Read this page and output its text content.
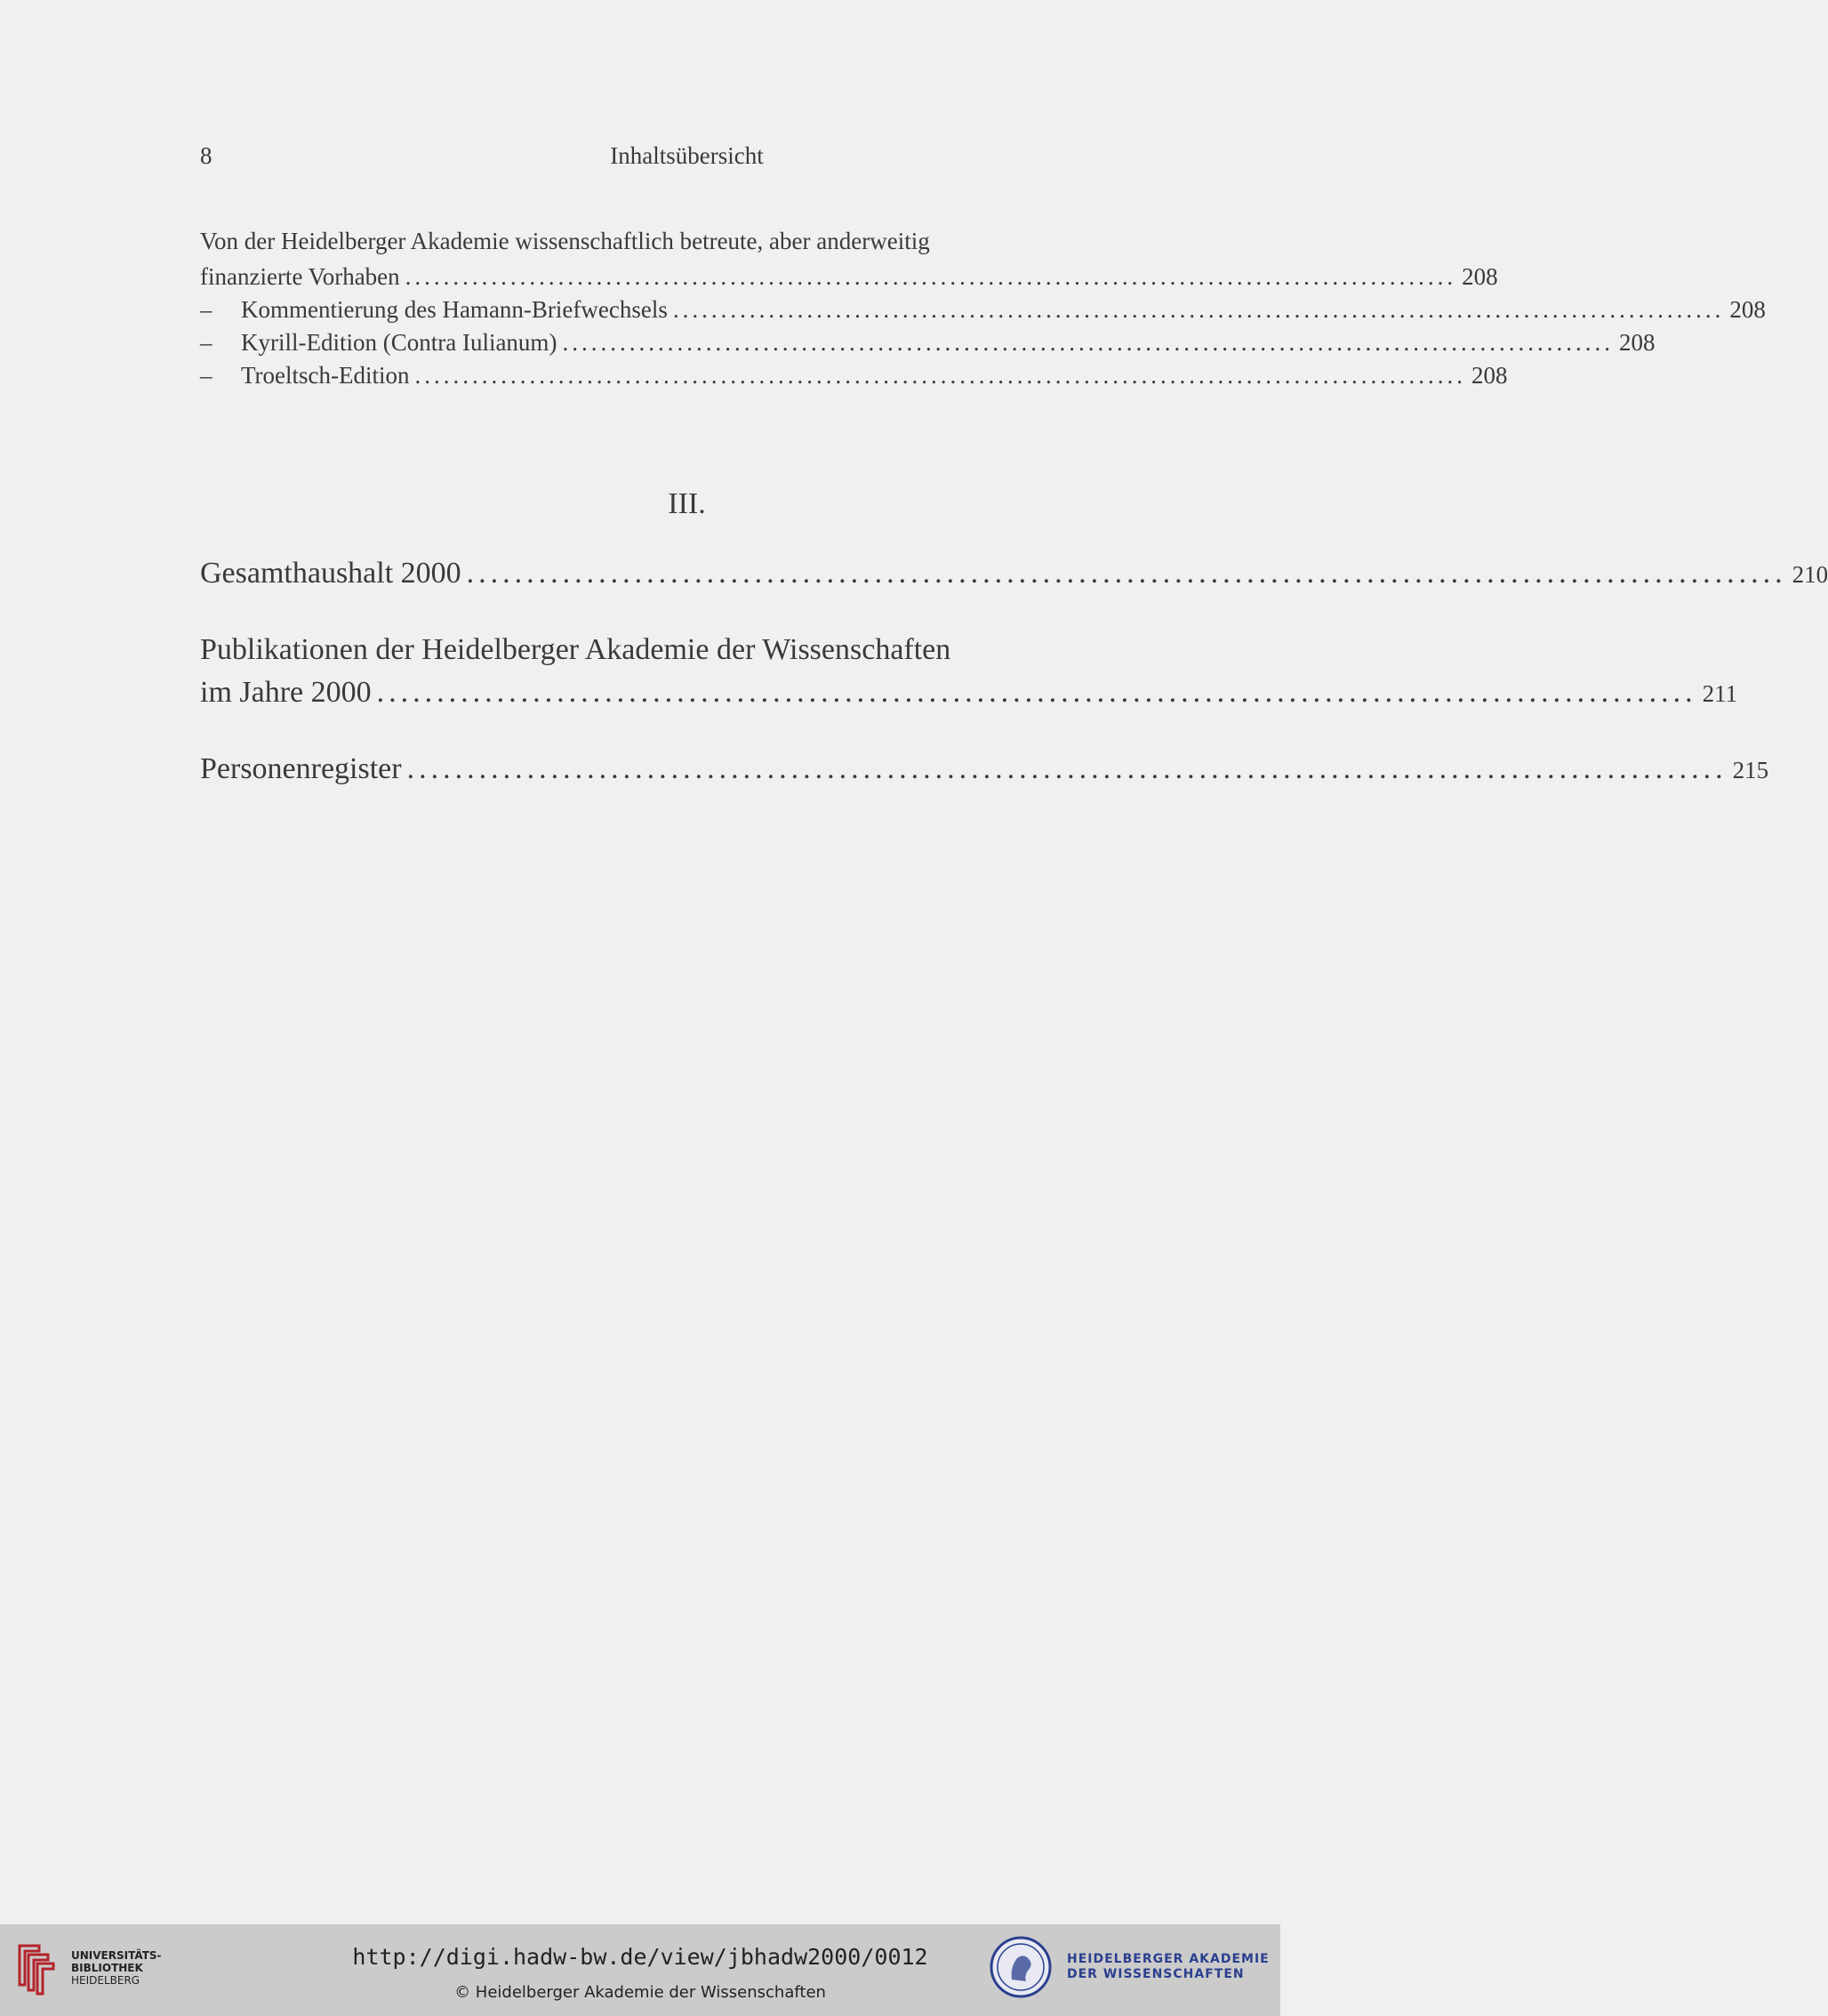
8	Inhaltsübersicht
Von der Heidelberger Akademie wissenschaftlich betreute, aber anderweitig
finanzierte Vorhaben .............................................................................................................. 208
–	Kommentierung des Hamann-Briefwechsels .............................................................................................................. 208
–	Kyrill-Edition (Contra Iulianum) .............................................................................................................. 208
–	Troeltsch-Edition .............................................................................................................. 208
III.
Gesamthaushalt 2000 .............................................................................................................. 210
Publikationen der Heidelberger Akademie der Wissenschaften
im Jahre 2000 .............................................................................................................. 211
Personenregister .............................................................................................................. 215
UNIVERSITÄTS-
BIBLIOTHEK
HEIDELBERG
http://digi.hadw-bw.de/view/jbhadw2000/0012
© Heidelberger Akademie der Wissenschaften
HEIDELBERGER AKADEMIE
DER WISSENSCHAFTEN
